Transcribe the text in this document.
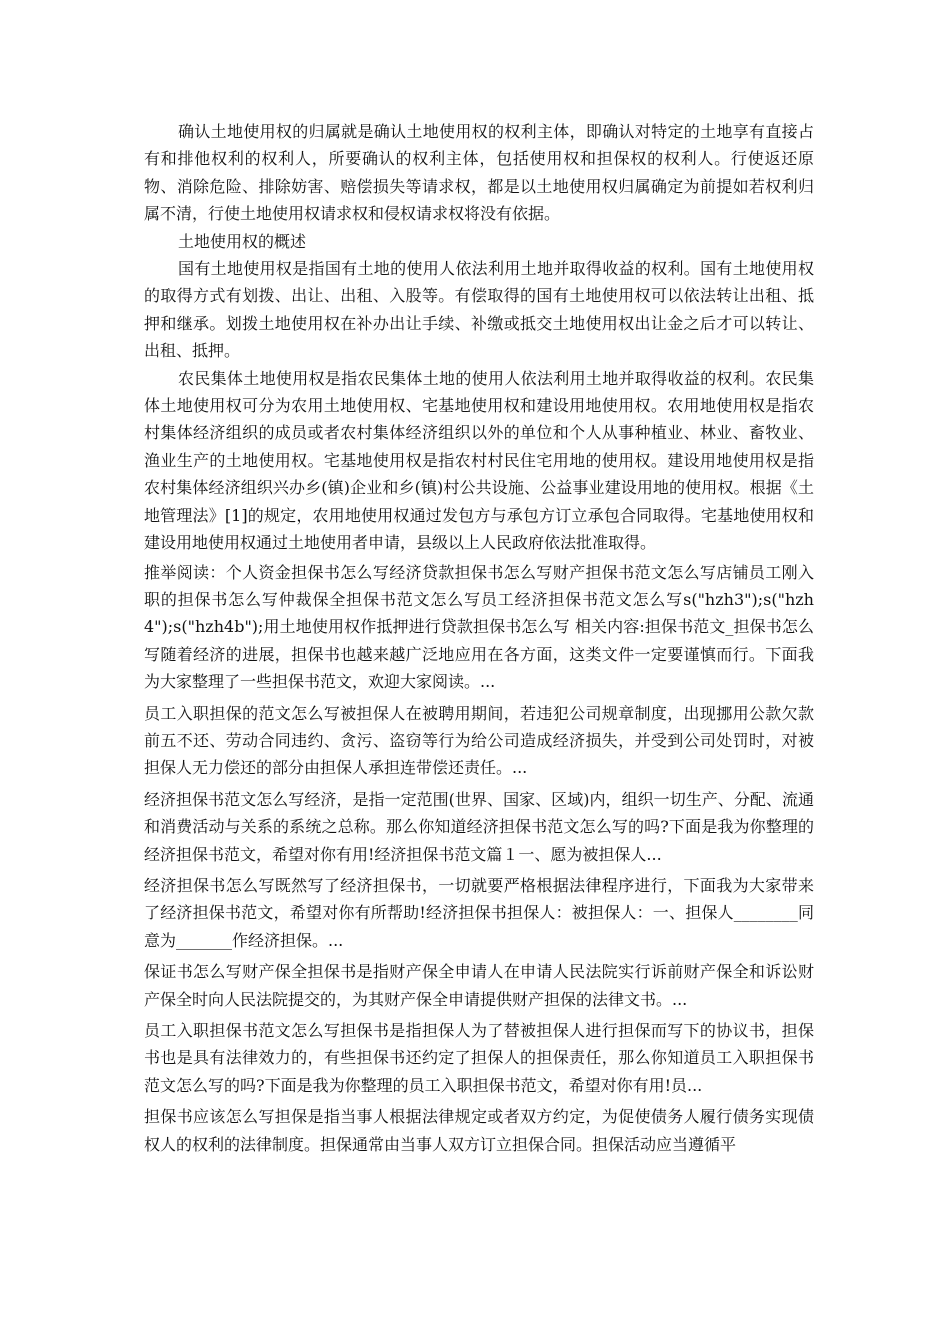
确认土地使用权的归属就是确认土地使用权的权利主体，即确认对特定的土地享有直接占有和排他权利的权利人，所要确认的权利主体，包括使用权和担保权的权利人。行使返还原物、消除危险、排除妨害、赔偿损失等请求权，都是以土地使用权归属确定为前提如若权利归属不清，行使土地使用权请求权和侵权请求权将没有依据。

土地使用权的概述

国有土地使用权是指国有土地的使用人依法利用土地并取得收益的权利。国有土地使用权的取得方式有划拨、出让、出租、入股等。有偿取得的国有土地使用权可以依法转让出租、抵押和继承。划拨土地使用权在补办出让手续、补缴或抵交土地使用权出让金之后才可以转让、出租、抵押。

农民集体土地使用权是指农民集体土地的使用人依法利用土地并取得收益的权利。农民集体土地使用权可分为农用土地使用权、宅基地使用权和建设用地使用权。农用地使用权是指农村集体经济组织的成员或者农村集体经济组织以外的单位和个人从事种植业、林业、畜牧业、渔业生产的土地使用权。宅基地使用权是指农村村民住宅用地的使用权。建设用地使用权是指农村集体经济组织兴办乡(镇)企业和乡(镇)村公共设施、公益事业建设用地的使用权。根据《土地管理法》[1]的规定，农用地使用权通过发包方与承包方订立承包合同取得。宅基地使用权和建设用地使用权通过土地使用者申请，县级以上人民政府依法批准取得。

推举阅读：个人资金担保书怎么写经济贷款担保书怎么写财产担保书范文怎么写店铺员工刚入职的担保书怎么写仲裁保全担保书范文怎么写员工经济担保书范文怎么写s("hzh3");s("hzh4");s("hzh4b");用土地使用权作抵押进行贷款担保书怎么写 相关内容:担保书范文_担保书怎么写随着经济的进展，担保书也越来越广泛地应用在各方面，这类文件一定要谨慎而行。下面我为大家整理了一些担保书范文，欢迎大家阅读。...

员工入职担保的范文怎么写被担保人在被聘用期间，若违犯公司规章制度，出现挪用公款欠款前五不还、劳动合同违约、贪污、盗窃等行为给公司造成经济损失，并受到公司处罚时，对被担保人无力偿还的部分由担保人承担连带偿还责任。...

经济担保书范文怎么写经济，是指一定范围(世界、国家、区域)内，组织一切生产、分配、流通和消费活动与关系的系统之总称。那么你知道经济担保书范文怎么写的吗?下面是我为你整理的经济担保书范文，希望对你有用!经济担保书范文篇１一、愿为被担保人...

经济担保书怎么写既然写了经济担保书，一切就要严格根据法律程序进行，下面我为大家带来了经济担保书范文，希望对你有所帮助!经济担保书担保人：被担保人：一、担保人________同意为_______作经济担保。...

保证书怎么写财产保全担保书是指财产保全申请人在申请人民法院实行诉前财产保全和诉讼财产保全时向人民法院提交的，为其财产保全申请提供财产担保的法律文书。...

员工入职担保书范文怎么写担保书是指担保人为了替被担保人进行担保而写下的协议书，担保书也是具有法律效力的，有些担保书还约定了担保人的担保责任，那么你知道员工入职担保书范文怎么写的吗?下面是我为你整理的员工入职担保书范文，希望对你有用!员...

担保书应该怎么写担保是指当事人根据法律规定或者双方约定，为促使债务人履行债务实现债权人的权利的法律制度。担保通常由当事人双方订立担保合同。担保活动应当遵循平
